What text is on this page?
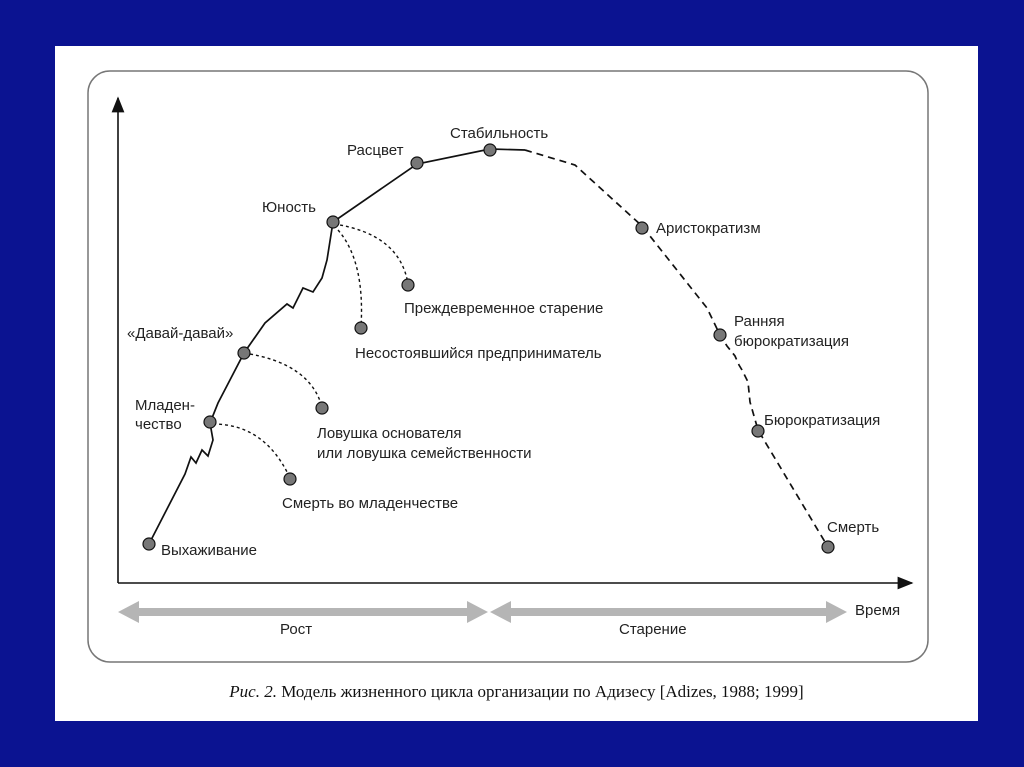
Время
Выхаживание
Младен-
чество
«Давай-давай»
Юность
Расцвет
Стабильность
Аристократизм
Ранняя
бюрократизация
Бюрократизация
Смерть
Смерть во младенчестве
Ловушка основателя
или ловушка семейственности
Несостоявшийся предприниматель
Преждевременное старение
Рост	Старение
Рис. 2. Модель жизненного цикла организации по Адизесу [Adizes, 1988; 1999]
